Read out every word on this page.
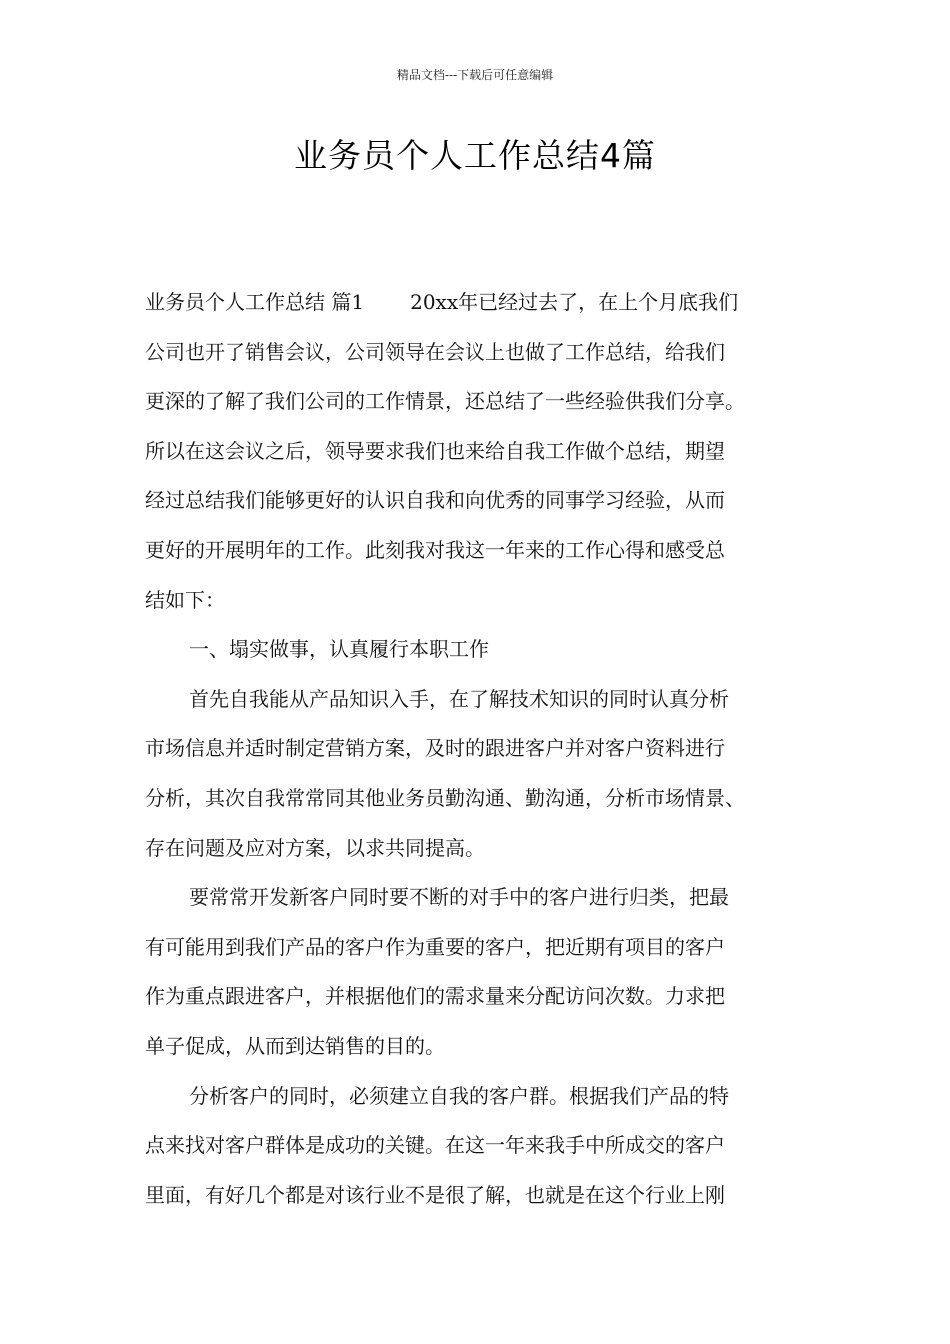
精品文档---下载后可任意编辑
业务员个人工作总结4篇
业务员个人工作总结 篇1 20xx年已经过去了，在上个月底我们
公司也开了销售会议，公司领导在会议上也做了工作总结，给我们
更深的了解了我们公司的工作情景，还总结了一些经验供我们分享。
所以在这会议之后，领导要求我们也来给自我工作做个总结，期望
经过总结我们能够更好的认识自我和向优秀的同事学习经验，从而
更好的开展明年的工作。此刻我对我这一年来的工作心得和感受总
结如下：
一、塌实做事，认真履行本职工作
首先自我能从产品知识入手，在了解技术知识的同时认真分析
市场信息并适时制定营销方案，及时的跟进客户并对客户资料进行
分析，其次自我常常同其他业务员勤沟通、勤沟通，分析市场情景、
存在问题及应对方案，以求共同提高。
要常常开发新客户同时要不断的对手中的客户进行归类，把最
有可能用到我们产品的客户作为重要的客户，把近期有项目的客户
作为重点跟进客户，并根据他们的需求量来分配访问次数。力求把
单子促成，从而到达销售的目的。
分析客户的同时，必须建立自我的客户群。根据我们产品的特
点来找对客户群体是成功的关键。在这一年来我手中所成交的客户
里面，有好几个都是对该行业不是很了解，也就是在这个行业上刚
